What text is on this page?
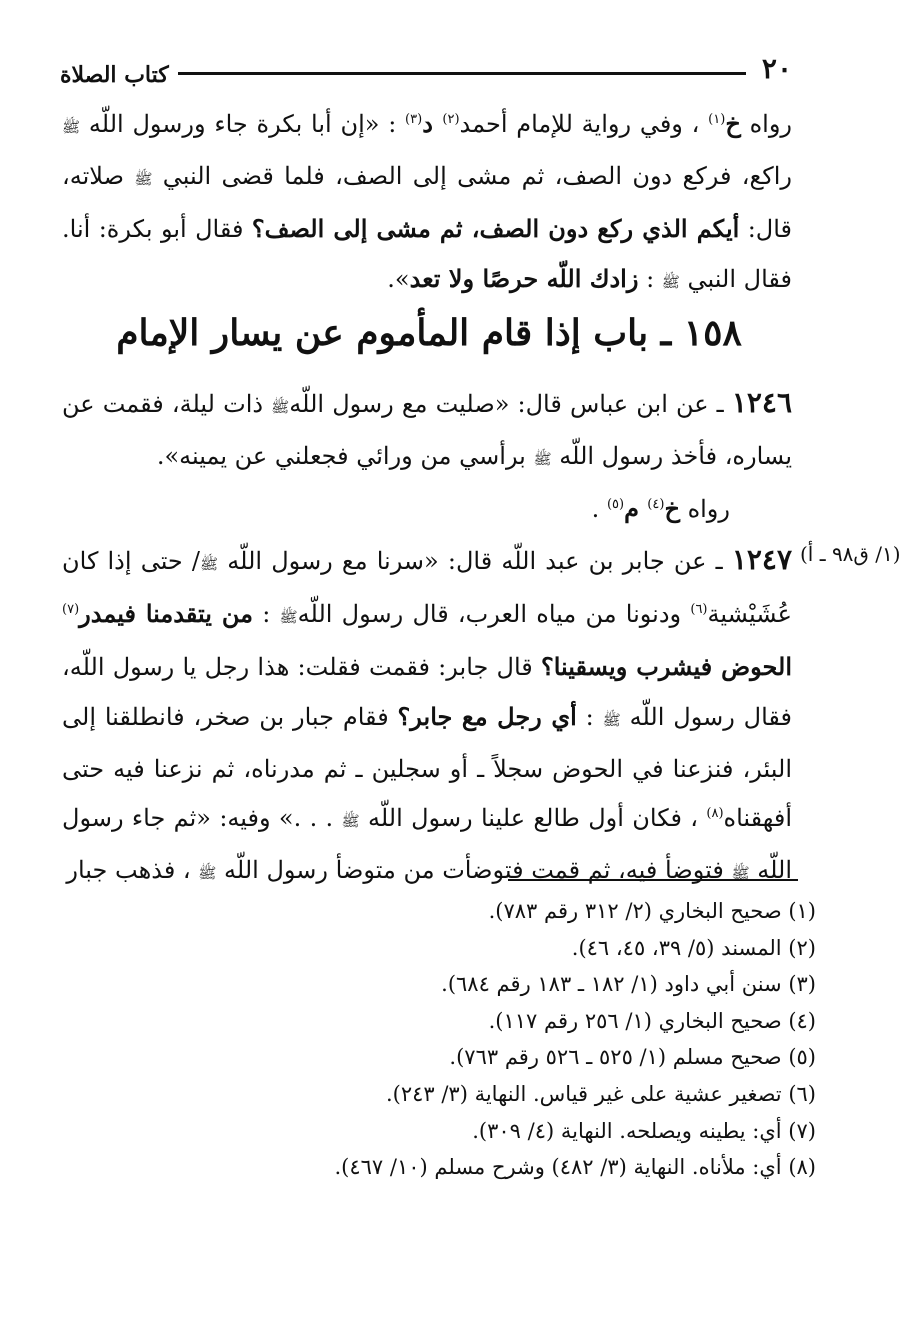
٢٠
كتاب الصلاة
رواه خ$^{(١)}$ ، وفي رواية للإمام أحمد$^{(٢)}$ د$^{(٣)}$ : «إن أبا بكرة جاء ورسول اللّه ﷺ راكع، فركع دون الصف، ثم مشى إلى الصف، فلما قضى النبي ﷺ صلاته، قال: أيكم الذي ركع دون الصف، ثم مشى إلى الصف؟ فقال أبو بكرة: أنا. فقال النبي ﷺ : زادك اللّه حرصًا ولا تعد».
١٥٨ ـ باب إذا قام المأموم عن يسار الإمام
١٢٤٦ ـ عن ابن عباس قال: «صليت مع رسول اللّهﷺ ذات ليلة، فقمت عن يساره، فأخذ رسول اللّه ﷺ برأسي من ورائي فجعلني عن يمينه».
رواه خ$^{(٤)}$ م$^{(٥)}$ .
(١/ ق٩٨ ـ أ)
١٢٤٧ ـ عن جابر بن عبد اللّه قال: «سرنا مع رسول اللّه ﷺ/ حتى إذا كان عُشَيْشية$^{(٦)}$ ودنونا من مياه العرب، قال رسول اللّهﷺ : من يتقدمنا فيمدر$^{(٧)}$ الحوض فيشرب ويسقينا؟ قال جابر: فقمت فقلت: هذا رجل يا رسول اللّه، فقال رسول اللّه ﷺ : أي رجل مع جابر؟ فقام جبار بن صخر، فانطلقنا إلى البئر، فنزعنا في الحوض سجلاً ـ أو سجلين ـ ثم مدرناه، ثم نزعنا فيه حتى أفهقناه$^{(٨)}$ ، فكان أول طالع علينا رسول اللّه ﷺ . . .» وفيه: «ثم جاء رسول اللّه ﷺ فتوضأ فيه، ثم قمت فتوضأت من متوضأ رسول اللّه ﷺ ، فذهب جبار
(١) صحيح البخاري (٢/ ٣١٢ رقم ٧٨٣).
(٢) المسند (٥/ ٣٩، ٤٥، ٤٦).
(٣) سنن أبي داود (١/ ١٨٢ ـ ١٨٣ رقم ٦٨٤).
(٤) صحيح البخاري (١/ ٢٥٦ رقم ١١٧).
(٥) صحيح مسلم (١/ ٥٢٥ ـ ٥٢٦ رقم ٧٦٣).
(٦) تصغير عشية على غير قياس. النهاية (٣/ ٢٤٣).
(٧) أي: يطينه ويصلحه. النهاية (٤/ ٣٠٩).
(٨) أي: ملأناه. النهاية (٣/ ٤٨٢) وشرح مسلم (١٠/ ٤٦٧).
